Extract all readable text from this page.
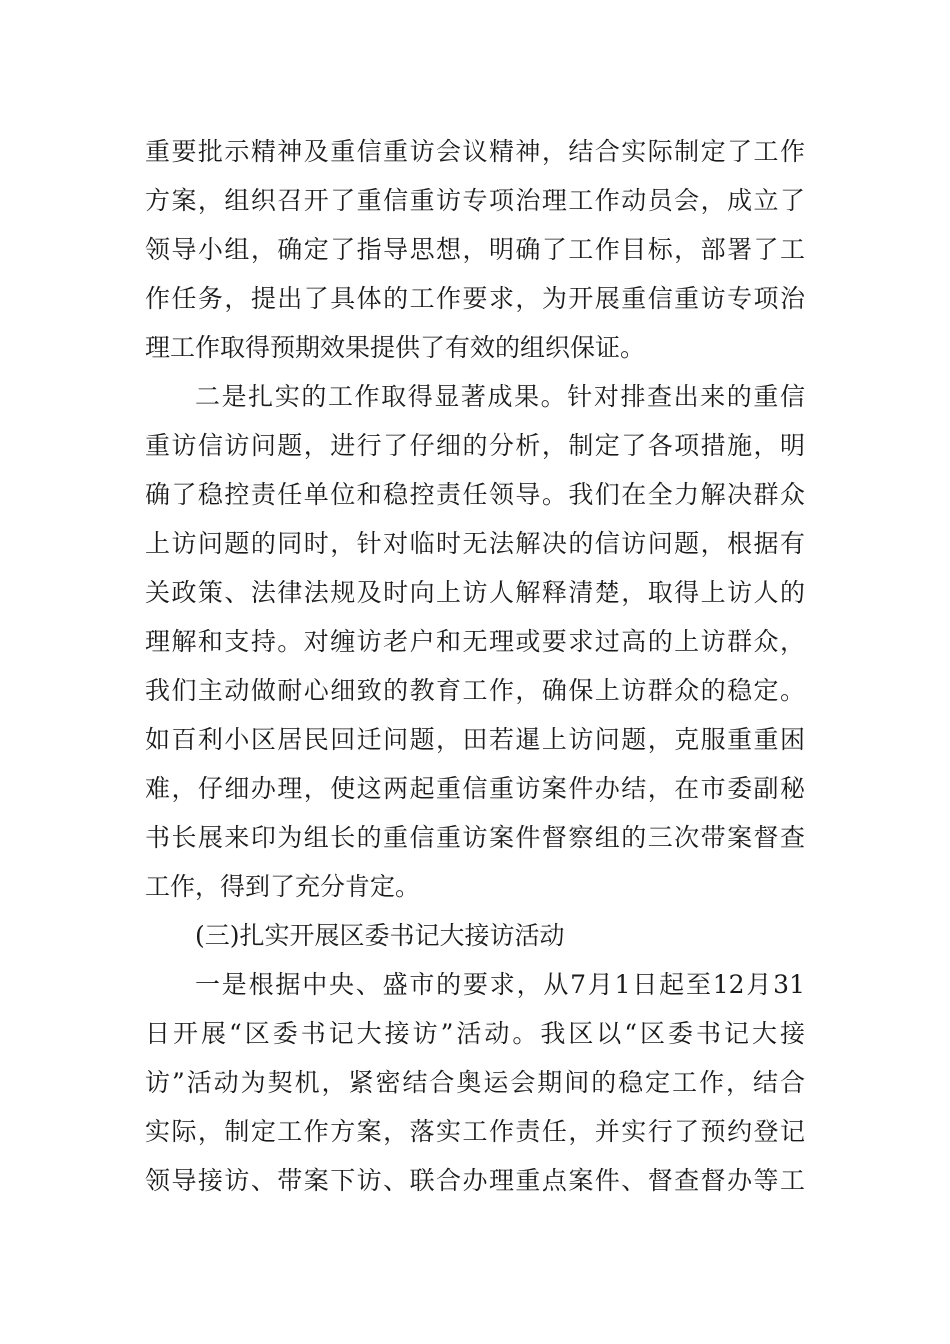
重要批示精神及重信重访会议精神，结合实际制定了工作
方案，组织召开了重信重访专项治理工作动员会，成立了
领导小组，确定了指导思想，明确了工作目标，部署了工
作任务，提出了具体的工作要求，为开展重信重访专项治
理工作取得预期效果提供了有效的组织保证。
二是扎实的工作取得显著成果。针对排查出来的重信
重访信访问题，进行了仔细的分析，制定了各项措施，明
确了稳控责任单位和稳控责任领导。我们在全力解决群众
上访问题的同时，针对临时无法解决的信访问题，根据有
关政策、法律法规及时向上访人解释清楚，取得上访人的
理解和支持。对缠访老户和无理或要求过高的上访群众，
我们主动做耐心细致的教育工作，确保上访群众的稳定。
如百利小区居民回迁问题，田若暹上访问题，克服重重困
难，仔细办理，使这两起重信重访案件办结，在市委副秘
书长展来印为组长的重信重访案件督察组的三次带案督查
工作，得到了充分肯定。
(三)扎实开展区委书记大接访活动
一是根据中央、盛市的要求，从7月1日起至12月31
日开展“区委书记大接访”活动。我区以“区委书记大接
访”活动为契机，紧密结合奥运会期间的稳定工作，结合
实际，制定工作方案，落实工作责任，并实行了预约登记
领导接访、带案下访、联合办理重点案件、督查督办等工
